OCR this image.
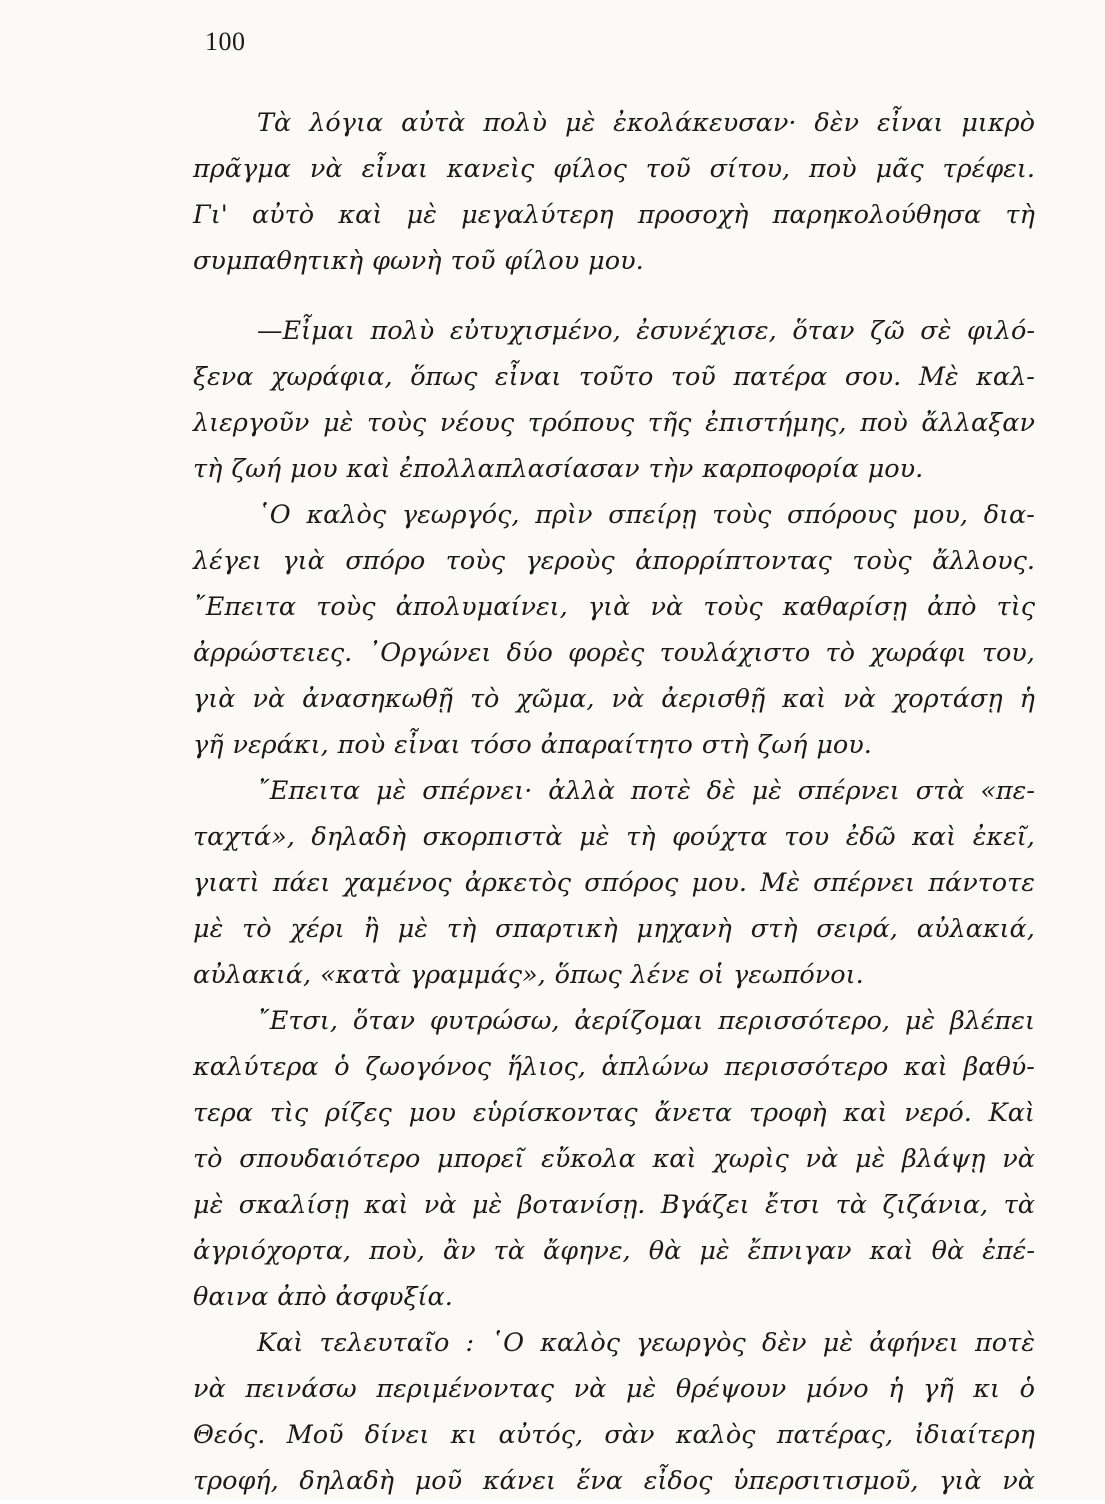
100
Τὰ λόγια αὐτὰ πολὺ μὲ ἐκολάκευσαν· δὲν εἶναι μικρὸ
πρᾶγμα νὰ εἶναι κανεὶς φίλος τοῦ σίτου, ποὺ μᾶς τρέφει.
Γι' αὐτὸ καὶ μὲ μεγαλύτερη προσοχὴ παρηκολούθησα τὴ
συμπαθητικὴ φωνὴ τοῦ φίλου μου.
—Εἶμαι πολὺ εὐτυχισμένο, ἐσυνέχισε, ὅταν ζῶ σὲ φιλό-
ξενα χωράφια, ὅπως εἶναι τοῦτο τοῦ πατέρα σου. Μὲ καλ-
λιεργοῦν μὲ τοὺς νέους τρόπους τῆς ἐπιστήμης, ποὺ ἄλλαξαν
τὴ ζωή μου καὶ ἐπολλαπλασίασαν τὴν καρποφορία μου.
῾Ο καλὸς γεωργός, πρὶν σπείρῃ τοὺς σπόρους μου, δια-
λέγει γιὰ σπόρο τοὺς γεροὺς ἀπορρίπτοντας τοὺς ἄλλους.
῎Επειτα τοὺς ἀπολυμαίνει, γιὰ νὰ τοὺς καθαρίσῃ ἀπὸ τὶς
ἀρρώστειες. ᾿Οργώνει δύο φορὲς τουλάχιστο τὸ χωράφι του,
γιὰ νὰ ἀνασηκωθῇ τὸ χῶμα, νὰ ἀερισθῇ καὶ νὰ χορτάσῃ ἡ
γῆ νεράκι, ποὺ εἶναι τόσο ἀπαραίτητο στὴ ζωή μου.
῎Επειτα μὲ σπέρνει· ἀλλὰ ποτὲ δὲ μὲ σπέρνει στὰ «πε-
ταχτά», δηλαδὴ σκορπιστὰ μὲ τὴ φούχτα του ἐδῶ καὶ ἐκεῖ,
γιατὶ πάει χαμένος ἀρκετὸς σπόρος μου. Μὲ σπέρνει πάντοτε
μὲ τὸ χέρι ἢ μὲ τὴ σπαρτικὴ μηχανὴ στὴ σειρά, αὐλακιά,
αὐλακιά, «κατὰ γραμμάς», ὅπως λένε οἱ γεωπόνοι.
῎Ετσι, ὅταν φυτρώσω, ἀερίζομαι περισσότερο, μὲ βλέπει
καλύτερα ὁ ζωογόνος ἥλιος, ἁπλώνω περισσότερο καὶ βαθύ-
τερα τὶς ρίζες μου εὑρίσκοντας ἄνετα τροφὴ καὶ νερό. Καὶ
τὸ σπουδαιότερο μπορεῖ εὔκολα καὶ χωρὶς νὰ μὲ βλάψῃ νὰ
μὲ σκαλίσῃ καὶ νὰ μὲ βοτανίσῃ. Βγάζει ἔτσι τὰ ζιζάνια, τὰ
ἀγριόχορτα, ποὺ, ἂν τὰ ἄφηνε, θὰ μὲ ἔπνιγαν καὶ θὰ ἐπέ-
θαινα ἀπὸ ἀσφυξία.
Καὶ τελευταῖο : ῾Ο καλὸς γεωργὸς δὲν μὲ ἀφήνει ποτὲ
νὰ πεινάσω περιμένοντας νὰ μὲ θρέψουν μόνο ἡ γῆ κι ὁ
Θεός. Μοῦ δίνει κι αὐτός, σὰν καλὸς πατέρας, ἰδιαίτερη
τροφή, δηλαδὴ μοῦ κάνει ἕνα εἶδος ὑπερσιτισμοῦ, γιὰ νὰ
